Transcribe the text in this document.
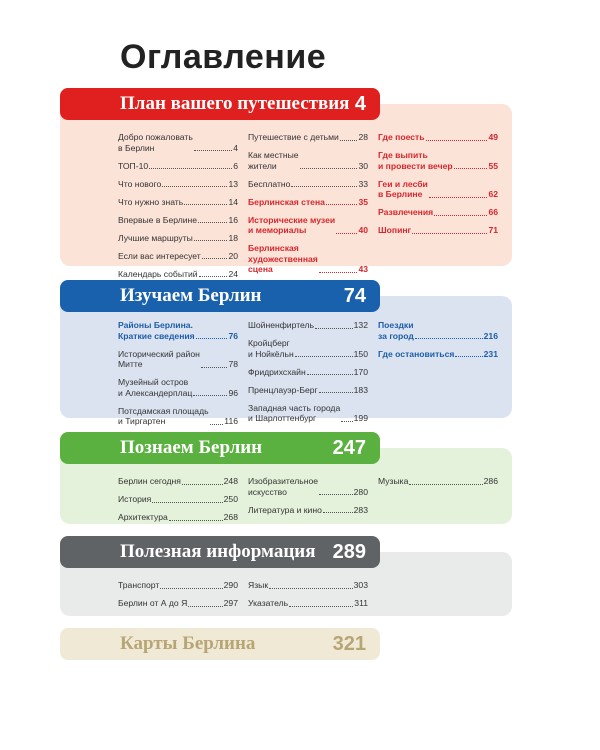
Оглавление
План вашего путешествия 4
Добро пожаловать
в Берлин	4
ТОП-10	6
Что нового	13
Что нужно знать	14
Впервые в Берлине	16
Лучшие маршруты	18
Если вас интересует	20
Календарь событий	24
Путешествие с детьми 28
Как местные
жители	30
Бесплатно	33
Берлинская стена	35
Исторические музеи
и мемориалы	40
Берлинская
художественная
сцена	43
Где поесть	49
Где выпить
и провести вечер	55
Геи и лесби
в Берлине	62
Развлечения	66
Шопинг	71
Изучаем Берлин	74
Районы Берлина.
Краткие сведения	76
Исторический район
Митте	78
Музейный остров
и Александерплац	96
Потсдамская площадь
и Тиргартен	116
Шойненфиртель	132
Кройцберг
и Нойкёльн	150
Фридрихсхайн	170
Пренцлауэр-Берг	183
Западная часть города
и Шарлоттенбург	199
Поездки
за город	216
Где остановиться	231
Познаем Берлин	247
Берлин сегодня	248
История	250
Архитектура	268
Изобразительное
искусство	280
Литература и кино	283
Музыка	286
Полезная информация 289
Транспорт	290
Берлин от А до Я	297
Язык	303
Указатель	311
Карты Берлина	321
